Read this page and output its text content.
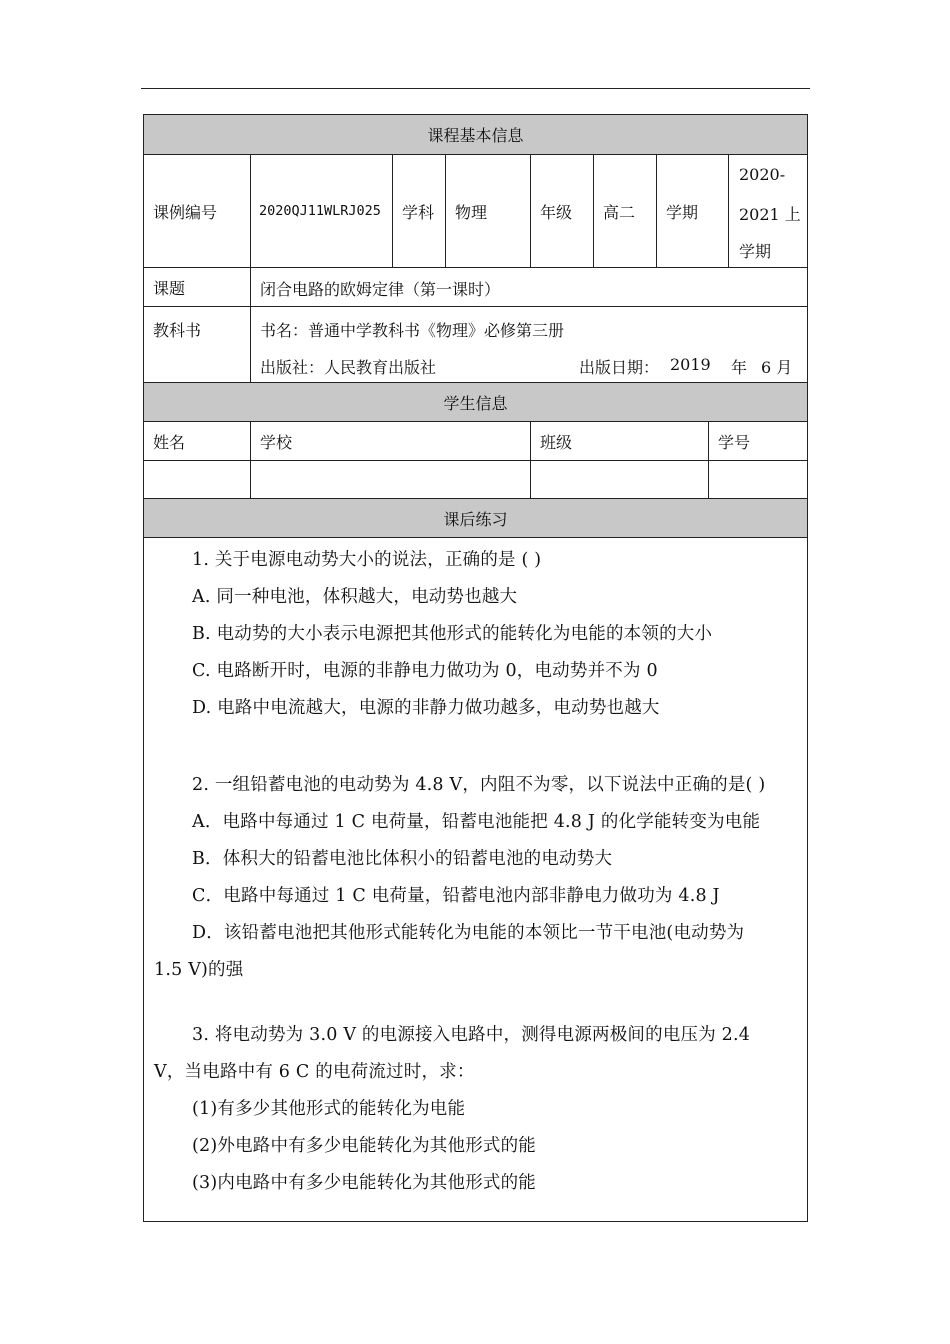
课程基本信息
课例编号	2020QJ11WLRJ025	学科	物理	年级	高二	学期
2020-
2021 上
学期
课题	闭合电路的欧姆定律（第一课时）
教科书	书名：普通中学教科书《物理》必修第三册
出版社：人民教育出版社	出版日期： 2019 年 6 月
学生信息
姓名	学校	班级	学号
课后练习
1. 关于电源电动势大小的说法，正确的是 ( )
A. 同一种电池，体积越大，电动势也越大
B. 电动势的大小表示电源把其他形式的能转化为电能的本领的大小
C. 电路断开时，电源的非静电力做功为 0，电动势并不为 0
D. 电路中电流越大，电源的非静力做功越多，电动势也越大
2. 一组铅蓄电池的电动势为 4.8 V，内阻不为零，以下说法中正确的是( )
A．电路中每通过 1 C 电荷量，铅蓄电池能把 4.8 J 的化学能转变为电能
B．体积大的铅蓄电池比体积小的铅蓄电池的电动势大
C．电路中每通过 1 C 电荷量，铅蓄电池内部非静电力做功为 4.8 J
D．该铅蓄电池把其他形式能转化为电能的本领比一节干电池(电动势为
1.5 V)的强
3. 将电动势为 3.0 V 的电源接入电路中，测得电源两极间的电压为 2.4
V，当电路中有 6 C 的电荷流过时，求：
(1)有多少其他形式的能转化为电能
(2)外电路中有多少电能转化为其他形式的能
(3)内电路中有多少电能转化为其他形式的能
